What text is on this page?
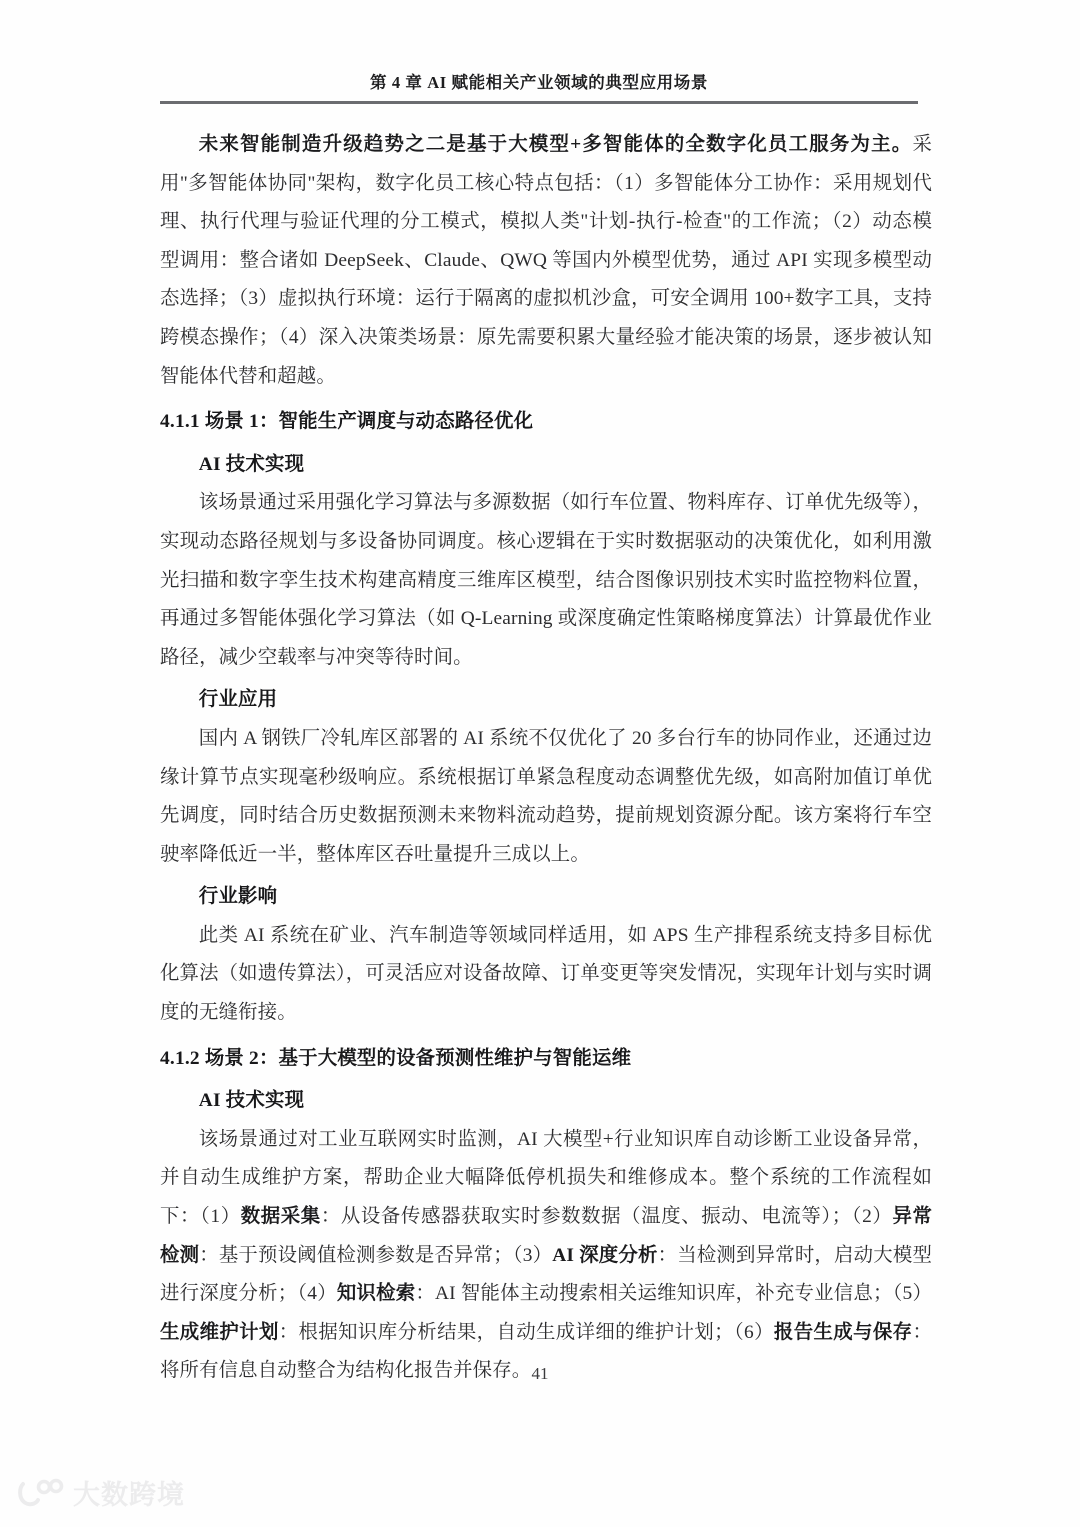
第 4 章 AI 赋能相关产业领域的典型应用场景

未来智能制造升级趋势之二是基于大模型+多智能体的全数字化员工服务为主。采用"多智能体协同"架构，数字化员工核心特点包括：（1）多智能体分工协作：采用规划代理、执行代理与验证代理的分工模式，模拟人类"计划-执行-检查"的工作流；（2）动态模型调用：整合诸如 DeepSeek、Claude、QWQ 等国内外模型优势，通过 API 实现多模型动态选择；（3）虚拟执行环境：运行于隔离的虚拟机沙盒，可安全调用 100+数字工具，支持跨模态操作；（4）深入决策类场景：原先需要积累大量经验才能决策的场景，逐步被认知智能体代替和超越。

4.1.1 场景 1：智能生产调度与动态路径优化
AI 技术实现

该场景通过采用强化学习算法与多源数据（如行车位置、物料库存、订单优先级等），实现动态路径规划与多设备协同调度。核心逻辑在于实时数据驱动的决策优化，如利用激光扫描和数字孪生技术构建高精度三维库区模型，结合图像识别技术实时监控物料位置，再通过多智能体强化学习算法（如 Q-Learning 或深度确定性策略梯度算法）计算最优作业路径，减少空载率与冲突等待时间。

行业应用

国内 A 钢铁厂冷轧库区部署的 AI 系统不仅优化了 20 多台行车的协同作业，还通过边缘计算节点实现毫秒级响应。系统根据订单紧急程度动态调整优先级，如高附加值订单优先调度，同时结合历史数据预测未来物料流动趋势，提前规划资源分配。该方案将行车空驶率降低近一半，整体库区吞吐量提升三成以上。

行业影响

此类 AI 系统在矿业、汽车制造等领域同样适用，如 APS 生产排程系统支持多目标优化算法（如遗传算法），可灵活应对设备故障、订单变更等突发情况，实现年计划与实时调度的无缝衔接。

4.1.2 场景 2：基于大模型的设备预测性维护与智能运维
AI 技术实现

该场景通过对工业互联网实时监测，AI 大模型+行业知识库自动诊断工业设备异常，并自动生成维护方案，帮助企业大幅降低停机损失和维修成本。整个系统的工作流程如下：（1）数据采集：从设备传感器获取实时参数数据（温度、振动、电流等）；（2）异常检测：基于预设阈值检测参数是否异常；（3）AI 深度分析：当检测到异常时，启动大模型进行深度分析；（4）知识检索：AI 智能体主动搜索相关运维知识库，补充专业信息；（5）生成维护计划：根据知识库分析结果，自动生成详细的维护计划；（6）报告生成与保存：将所有信息自动整合为结构化报告并保存。 41
大数跨境
